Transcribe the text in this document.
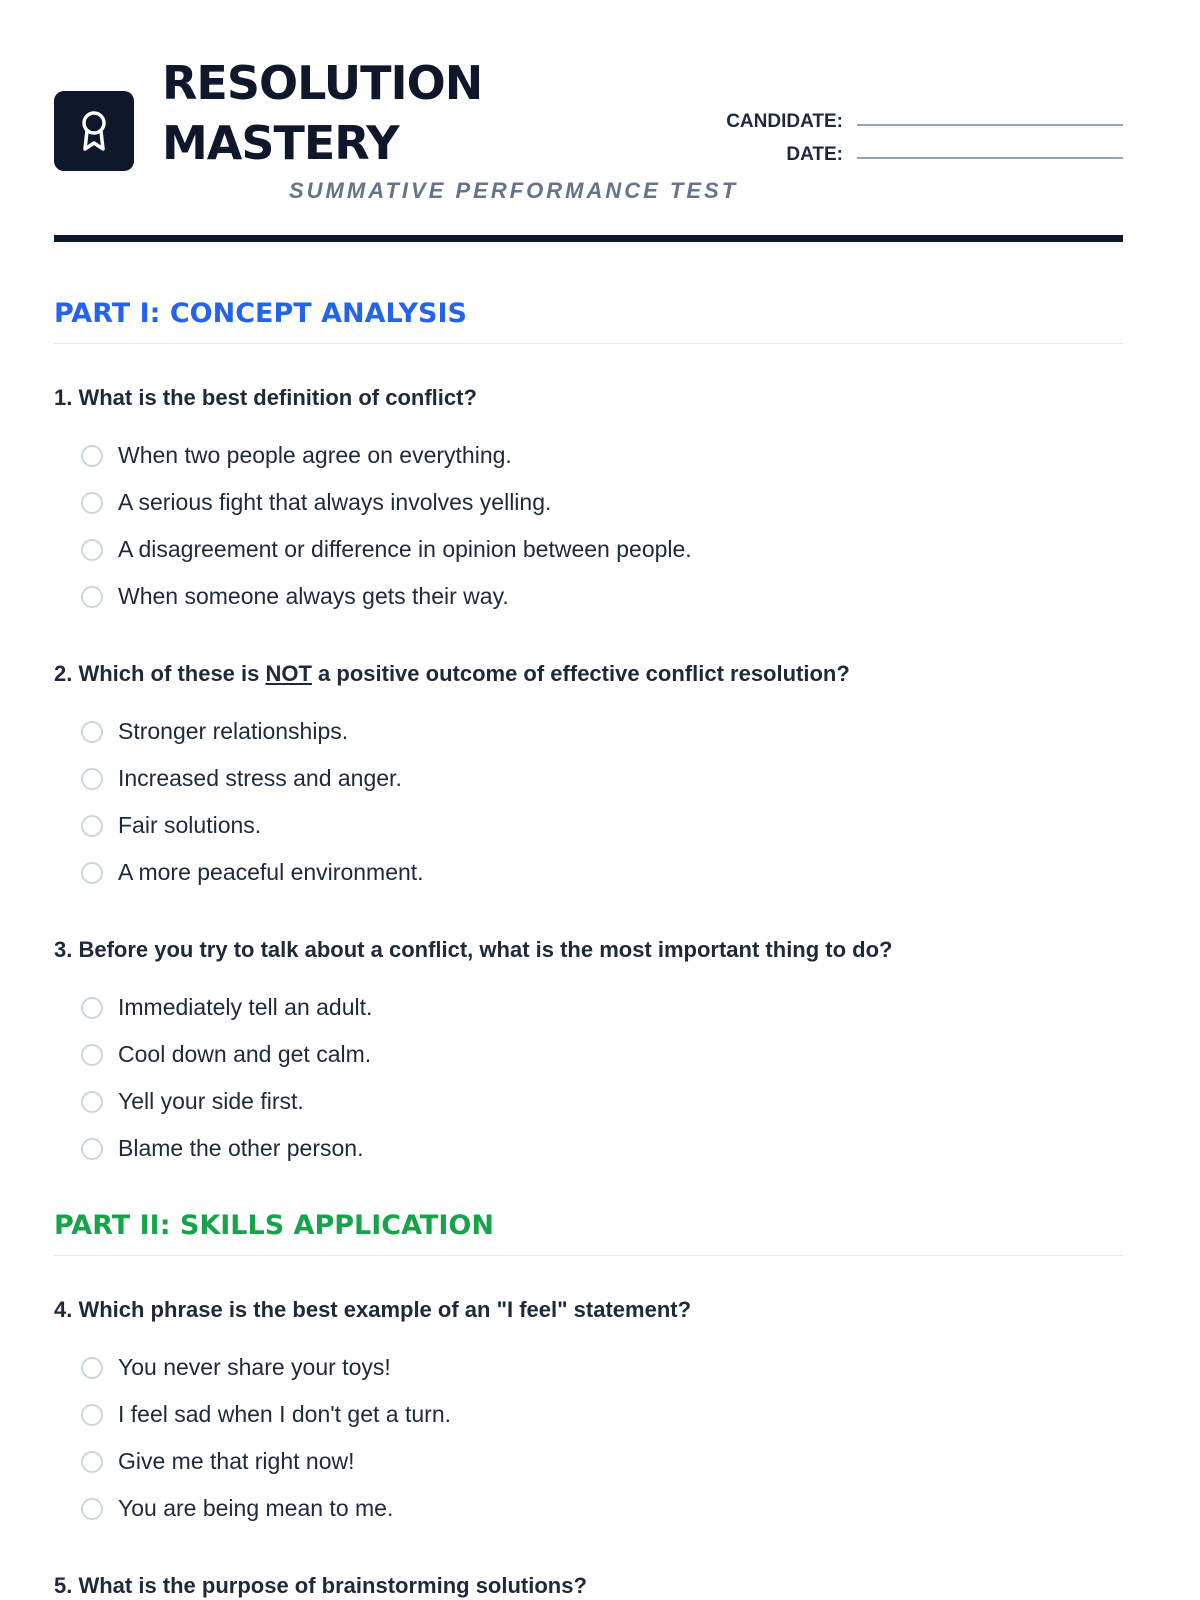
RESOLUTION
MASTERY
SUMMATIVE PERFORMANCE TEST
CANDIDATE:
DATE:
PART I: CONCEPT ANALYSIS

1. What is the best definition of conflict?

When two people agree on everything.
A serious fight that always involves yelling.
A disagreement or difference in opinion between people.
When someone always gets their way.

2. Which of these is NOT a positive outcome of effective conflict resolution?

Stronger relationships.
Increased stress and anger.
Fair solutions.
A more peaceful environment.

3. Before you try to talk about a conflict, what is the most important thing to do?

Immediately tell an adult.
Cool down and get calm.
Yell your side first.
Blame the other person.
PART II: SKILLS APPLICATION

4. Which phrase is the best example of an "I feel" statement?

You never share your toys!
I feel sad when I don't get a turn.
Give me that right now!
You are being mean to me.

5. What is the purpose of brainstorming solutions?
